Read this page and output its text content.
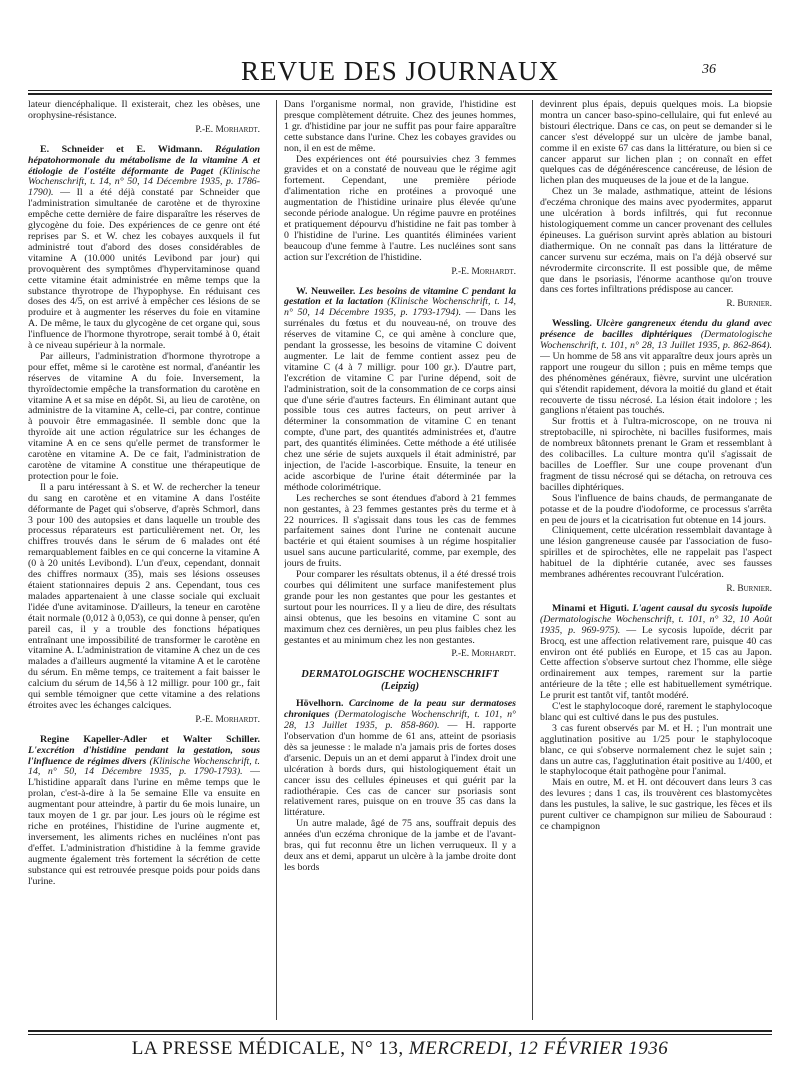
REVUE DES JOURNAUX	36

lateur diencéphalique. Il existerait, chez les obèses, une orophysine-résistance.

P.-E. Morhardt.

E. Schneider et E. Widmann. Régulation hépatohormonale du métabolisme de la vitamine A et étiologie de l'ostéite déformante de Paget (Klinische Wochenschrift, t. 14, n° 50, 14 Décembre 1935, p. 1786-1790). — Il a été déjà constaté par Schneider que l'administration simultanée de carotène et de thyroxine empêche cette dernière de faire disparaître les réserves de glycogène du foie. Des expériences de ce genre ont été reprises par S. et W. chez les cobayes auxquels il fut administré tout d'abord des doses considérables de vitamine A (10.000 unités Levibond par jour) qui provoquèrent des symptômes d'hypervitaminose quand cette vitamine était administrée en même temps que la substance thyrotrope de l'hypophyse. En réduisant ces doses des 4/5, on est arrivé à empêcher ces lésions de se produire et à augmenter les réserves du foie en vitamine A. De même, le taux du glycogène de cet organe qui, sous l'influence de l'hormone thyrotrope, serait tombé à 0, était à ce niveau supérieur à la normale.

Par ailleurs, l'administration d'hormone thyrotrope a pour effet, même si le carotène est normal, d'anéantir les réserves de vitamine A du foie. Inversement, la thyroïdectomie empêche la transformation du carotène en vitamine A et sa mise en dépôt. Si, au lieu de carotène, on administre de la vitamine A, celle-ci, par contre, continue à pouvoir être emmagasinée. Il semble donc que la thyroïde ait une action régulatrice sur les échanges de vitamine A en ce sens qu'elle permet de transformer le carotène en vitamine A. De ce fait, l'administration de carotène de vitamine A constitue une thérapeutique de protection pour le foie.

Il a paru intéressant à S. et W. de rechercher la teneur du sang en carotène et en vitamine A dans l'ostéite déformante de Paget qui s'observe, d'après Schmorl, dans 3 pour 100 des autopsies et dans laquelle un trouble des processus réparateurs est particulièrement net. Or, les chiffres trouvés dans le sérum de 6 malades ont été remarquablement faibles en ce qui concerne la vitamine A (0 à 20 unités Levibond). L'un d'eux, cependant, donnait des chiffres normaux (35), mais ses lésions osseuses étaient stationnaires depuis 2 ans. Cependant, tous ces malades appartenaient à une classe sociale qui excluait l'idée d'une avitaminose. D'ailleurs, la teneur en carotène était normale (0,012 à 0,053), ce qui donne à penser, qu'en pareil cas, il y a trouble des fonctions hépatiques entraînant une impossibilité de transformer le carotène en vitamine A. L'administration de vitamine A chez un de ces malades a d'ailleurs augmenté la vitamine A et le carotène du sérum. En même temps, ce traitement a fait baisser le calcium du sérum de 14,56 à 12 milligr. pour 100 gr., fait qui semble témoigner que cette vitamine a des relations étroites avec les échanges calciques.

P.-E. Morhardt.

Regine Kapeller-Adler et Walter Schiller. L'excrétion d'histidine pendant la gestation, sous l'influence de régimes divers (Klinische Wochenschrift, t. 14, n° 50, 14 Décembre 1935, p. 1790-1793). — L'histidine apparaît dans l'urine en même temps que le prolan, c'est-à-dire à la 5e semaine Elle va ensuite en augmentant pour atteindre, à partir du 6e mois lunaire, un taux moyen de 1 gr. par jour. Les jours où le régime est riche en protéines, l'histidine de l'urine augmente et, inversement, les aliments riches en nucléines n'ont pas d'effet. L'administration d'histidine à la femme gravide augmente également très fortement la sécrétion de cette substance qui est retrouvée presque poids pour poids dans l'urine.

Dans l'organisme normal, non gravide, l'histidine est presque complètement détruite. Chez des jeunes hommes, 1 gr. d'histidine par jour ne suffit pas pour faire apparaître cette substance dans l'urine. Chez les cobayes gravides ou non, il en est de même.

Des expériences ont été poursuivies chez 3 femmes gravides et on a constaté de nouveau que le régime agit fortement. Cependant, une première période d'alimentation riche en protéines a provoqué une augmentation de l'histidine urinaire plus élevée qu'une seconde période analogue. Un régime pauvre en protéines et pratiquement dépourvu d'histidine ne fait pas tomber à 0 l'histidine de l'urine. Les quantités éliminées varient beaucoup d'une femme à l'autre. Les nucléines sont sans action sur l'excrétion de l'histidine.

P.-E. Morhardt.

W. Neuweiler. Les besoins de vitamine C pendant la gestation et la lactation (Klinische Wochenschrift, t. 14, n° 50, 14 Décembre 1935, p. 1793-1794). — Dans les surrénales du fœtus et du nouveau-né, on trouve des réserves de vitamine C, ce qui amène à conclure que, pendant la grossesse, les besoins de vitamine C doivent augmenter. Le lait de femme contient assez peu de vitamine C (4 à 7 milligr. pour 100 gr.). D'autre part, l'excrétion de vitamine C par l'urine dépend, soit de l'administration, soit de la consommation de ce corps ainsi que d'une série d'autres facteurs. En éliminant autant que possible tous ces autres facteurs, on peut arriver à déterminer la consommation de vitamine C en tenant compte, d'une part, des quantités administrées et, d'autre part, des quantités éliminées. Cette méthode a été utilisée chez une série de sujets auxquels il était administré, par injection, de l'acide l-ascorbique. Ensuite, la teneur en acide ascorbique de l'urine était déterminée par la méthode colorimétrique.

Les recherches se sont étendues d'abord à 21 femmes non gestantes, à 23 femmes gestantes près du terme et à 22 nourrices. Il s'agissait dans tous les cas de femmes parfaitement saines dont l'urine ne contenait aucune bactérie et qui étaient soumises à un régime hospitalier usuel sans aucune particularité, comme, par exemple, des jours de fruits.

Pour comparer les résultats obtenus, il a été dressé trois courbes qui délimitent une surface manifestement plus grande pour les non gestantes que pour les gestantes et surtout pour les nourrices. Il y a lieu de dire, des résultats ainsi obtenus, que les besoins en vitamine C sont au maximum chez ces dernières, un peu plus faibles chez les gestantes et au minimum chez les non gestantes.

P.-E. Morhardt.
DERMATOLOGISCHE WOCHENSCHRIFT
(Leipzig)

Hövelhorn. Carcinome de la peau sur dermatoses chroniques (Dermatologische Wochenschrift, t. 101, n° 28, 13 Juillet 1935, p. 858-860). — H. rapporte l'observation d'un homme de 61 ans, atteint de psoriasis dès sa jeunesse : le malade n'a jamais pris de fortes doses d'arsenic. Depuis un an et demi apparut à l'index droit une ulcération à bords durs, qui histologiquement était un cancer issu des cellules épineuses et qui guérit par la radiothérapie. Ces cas de cancer sur psoriasis sont relativement rares, puisque on en trouve 35 cas dans la littérature.

Un autre malade, âgé de 75 ans, souffrait depuis des années d'un eczéma chronique de la jambe et de l'avant-bras, qui fut reconnu être un lichen verruqueux. Il y a deux ans et demi, apparut un ulcère à la jambe droite dont les bords

devinrent plus épais, depuis quelques mois. La biopsie montra un cancer baso-spino-cellulaire, qui fut enlevé au bistouri électrique. Dans ce cas, on peut se demander si le cancer s'est développé sur un ulcère de jambe banal, comme il en existe 67 cas dans la littérature, ou bien si ce cancer apparut sur lichen plan ; on connaît en effet quelques cas de dégénérescence cancéreuse, de lésion de lichen plan des muqueuses de la joue et de la langue.

Chez un 3e malade, asthmatique, atteint de lésions d'eczéma chronique des mains avec pyodermites, apparut une ulcération à bords infiltrés, qui fut reconnue histologiquement comme un cancer provenant des cellules épineuses. La guérison survint après ablation au bistouri diathermique. On ne connaît pas dans la littérature de cancer survenu sur eczéma, mais on l'a déjà observé sur névrodermite circonscrite. Il est possible que, de même que dans le psoriasis, l'énorme acanthose qu'on trouve dans ces fortes infiltrations prédispose au cancer.

R. Burnier.

Wessling. Ulcère gangreneux étendu du gland avec présence de bacilles diphtériques (Dermatologische Wochenschrift, t. 101, n° 28, 13 Juillet 1935, p. 862-864). — Un homme de 58 ans vit apparaître deux jours après un rapport une rougeur du sillon ; puis en même temps que des phénomènes généraux, fièvre, survint une ulcération qui s'étendit rapidement, dévora la moitié du gland et était recouverte de tissu nécrosé. La lésion était indolore ; les ganglions n'étaient pas touchés.

Sur frottis et à l'ultra-microscope, on ne trouva ni streptobacille, ni spirochète, ni bacilles fusiformes, mais de nombreux bâtonnets prenant le Gram et ressemblant à des colibacilles. La culture montra qu'il s'agissait de bacilles de Loeffler. Sur une coupe provenant d'un fragment de tissu nécrosé qui se détacha, on retrouva ces bacilles diphtériques.

Sous l'influence de bains chauds, de permanganate de potasse et de la poudre d'iodoforme, ce processus s'arrêta en peu de jours et la cicatrisation fut obtenue en 14 jours.

Cliniquement, cette ulcération ressemblait davantage à une lésion gangreneuse causée par l'association de fuso-spirilles et de spirochètes, elle ne rappelait pas l'aspect habituel de la diphtérie cutanée, avec ses fausses membranes adhérentes recouvrant l'ulcération.

R. Burnier.

Minami et Higuti. L'agent causal du sycosis lupoïde (Dermatologische Wochenschrift, t. 101, n° 32, 10 Août 1935, p. 969-975). — Le sycosis lupoïde, décrit par Brocq, est une affection relativement rare, puisque 40 cas environ ont été publiés en Europe, et 15 cas au Japon. Cette affection s'observe surtout chez l'homme, elle siège ordinairement aux tempes, rarement sur la partie antérieure de la tête ; elle est habituellement symétrique. Le prurit est tantôt vif, tantôt modéré.

C'est le staphylocoque doré, rarement le staphylocoque blanc qui est cultivé dans le pus des pustules.

3 cas furent observés par M. et H. ; l'un montrait une agglutination positive au 1/25 pour le staphylocoque blanc, ce qui s'observe normalement chez le sujet sain ; dans un autre cas, l'agglutination était positive au 1/400, et le staphylocoque était pathogène pour l'animal.

Mais en outre, M. et H. ont découvert dans leurs 3 cas des levures ; dans 1 cas, ils trouvèrent ces blastomycètes dans les pustules, la salive, le suc gastrique, les fèces et ils purent cultiver ce champignon sur milieu de Sabouraud : ce champignon

LA PRESSE MÉDICALE, N° 13, MERCREDI, 12 FÉVRIER 1936
